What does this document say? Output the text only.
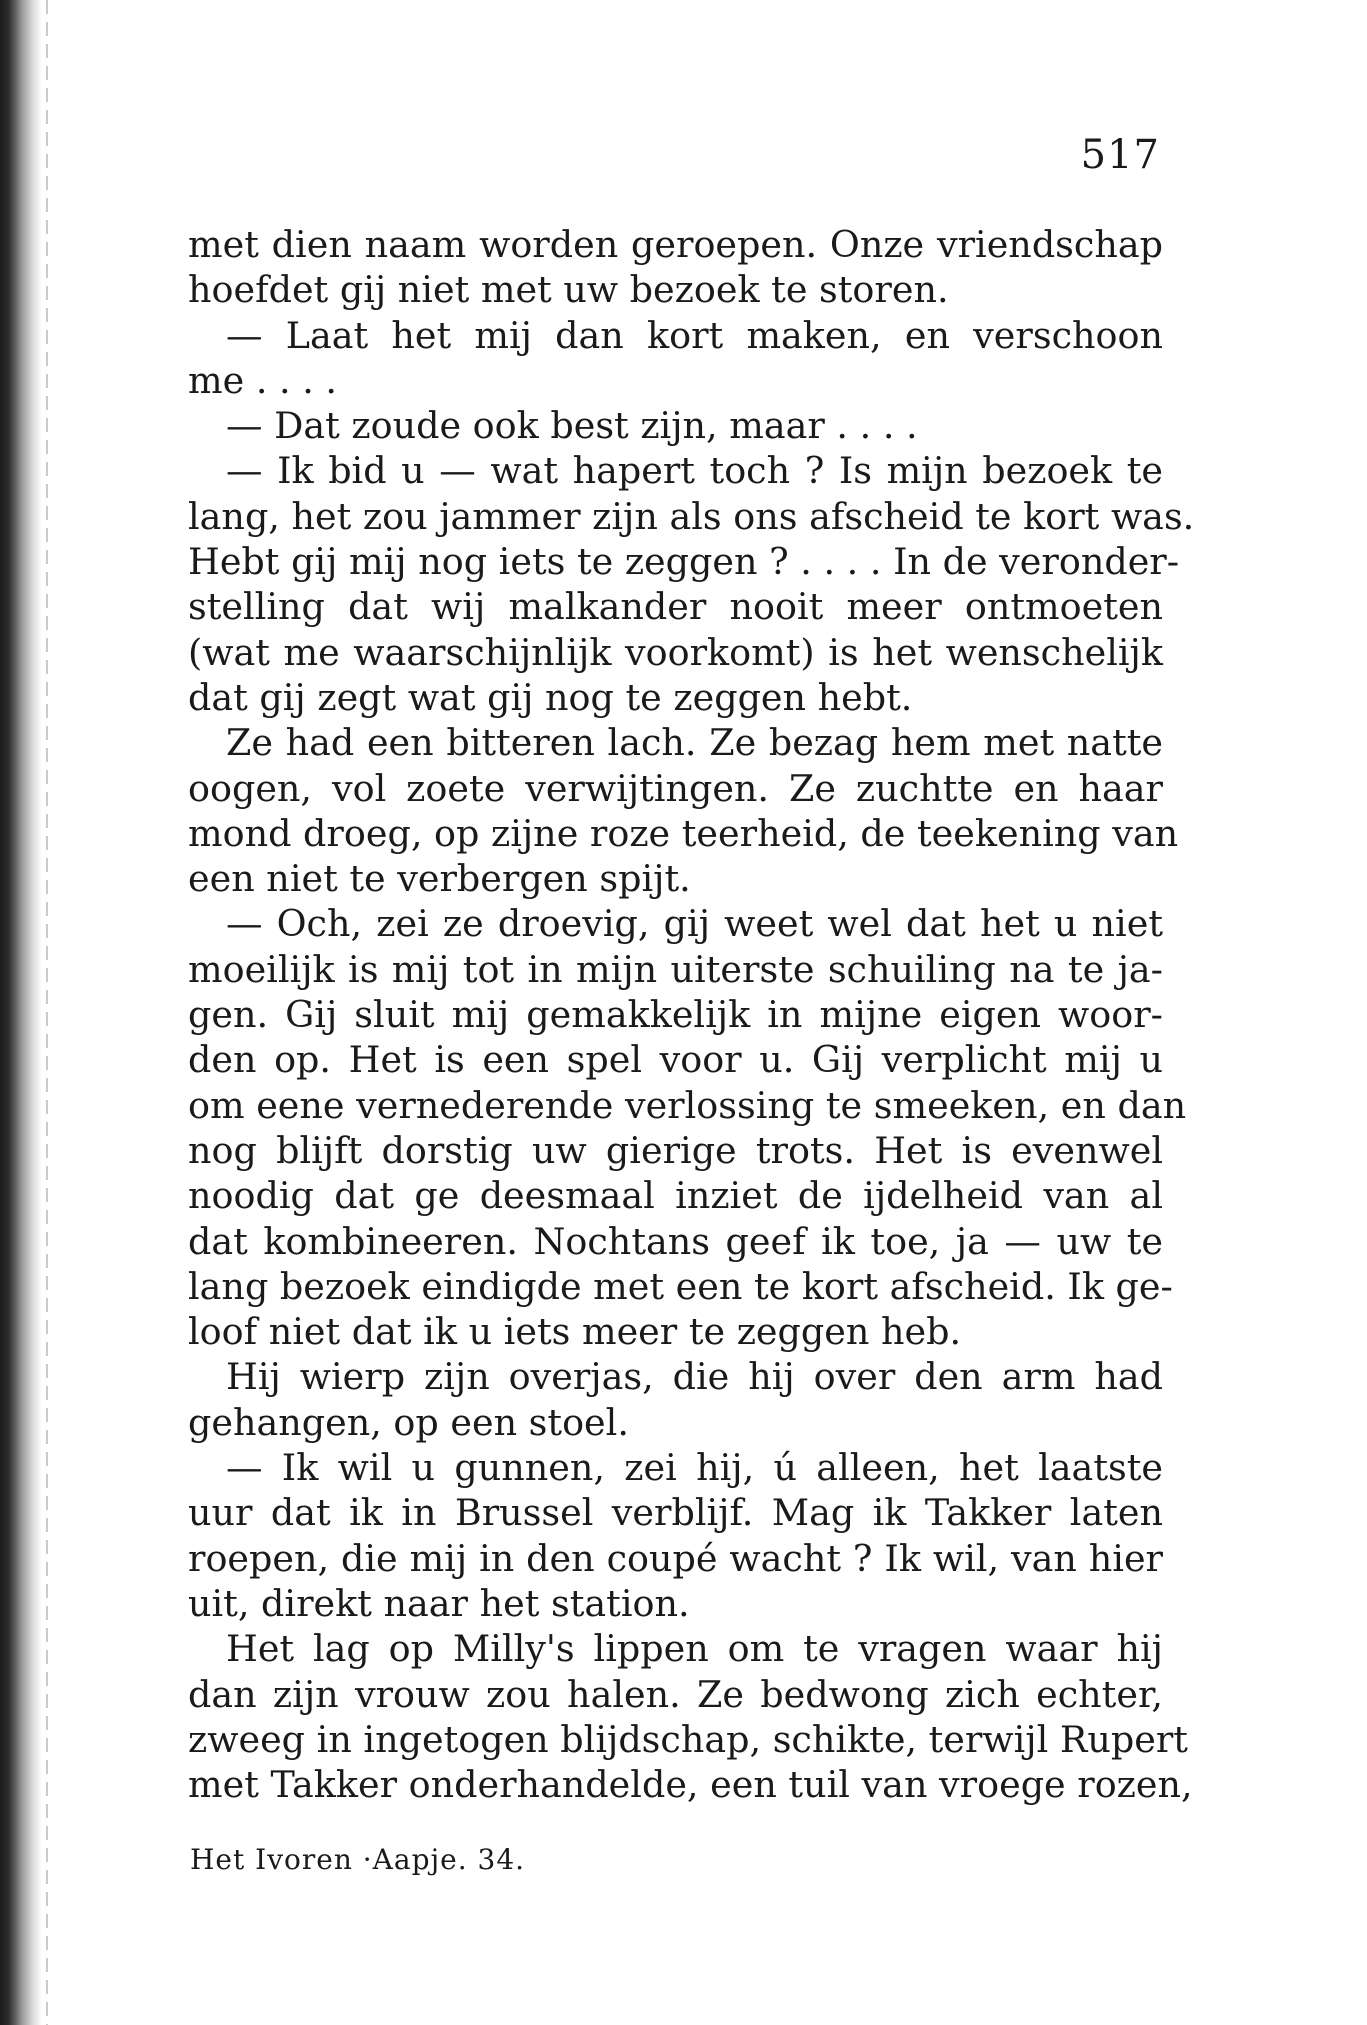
517
met dien naam worden geroepen. Onze vriendschap
hoefdet gij niet met uw bezoek te storen.
— Laat het mij dan kort maken, en verschoon
me . . . .
— Dat zoude ook best zijn, maar . . . .
— Ik bid u — wat hapert toch ? Is mijn bezoek te
lang, het zou jammer zijn als ons afscheid te kort was.
Hebt gij mij nog iets te zeggen ? . . . . In de veronder-
stelling dat wij malkander nooit meer ontmoeten
(wat me waarschijnlijk voorkomt) is het wenschelijk
dat gij zegt wat gij nog te zeggen hebt.
Ze had een bitteren lach. Ze bezag hem met natte
oogen, vol zoete verwijtingen. Ze zuchtte en haar
mond droeg, op zijne roze teerheid, de teekening van
een niet te verbergen spijt.
— Och, zei ze droevig, gij weet wel dat het u niet
moeilijk is mij tot in mijn uiterste schuiling na te ja-
gen. Gij sluit mij gemakkelijk in mijne eigen woor-
den op. Het is een spel voor u. Gij verplicht mij u
om eene vernederende verlossing te smeeken, en dan
nog blijft dorstig uw gierige trots. Het is evenwel
noodig dat ge deesmaal inziet de ijdelheid van al
dat kombineeren. Nochtans geef ik toe, ja — uw te
lang bezoek eindigde met een te kort afscheid. Ik ge-
loof niet dat ik u iets meer te zeggen heb.
Hij wierp zijn overjas, die hij over den arm had
gehangen, op een stoel.
— Ik wil u gunnen, zei hij, ú alleen, het laatste
uur dat ik in Brussel verblijf. Mag ik Takker laten
roepen, die mij in den coupé wacht ? Ik wil, van hier
uit, direkt naar het station.
Het lag op Milly's lippen om te vragen waar hij
dan zijn vrouw zou halen. Ze bedwong zich echter,
zweeg in ingetogen blijdschap, schikte, terwijl Rupert
met Takker onderhandelde, een tuil van vroege rozen,
Het Ivoren ·Aapje. 34.
